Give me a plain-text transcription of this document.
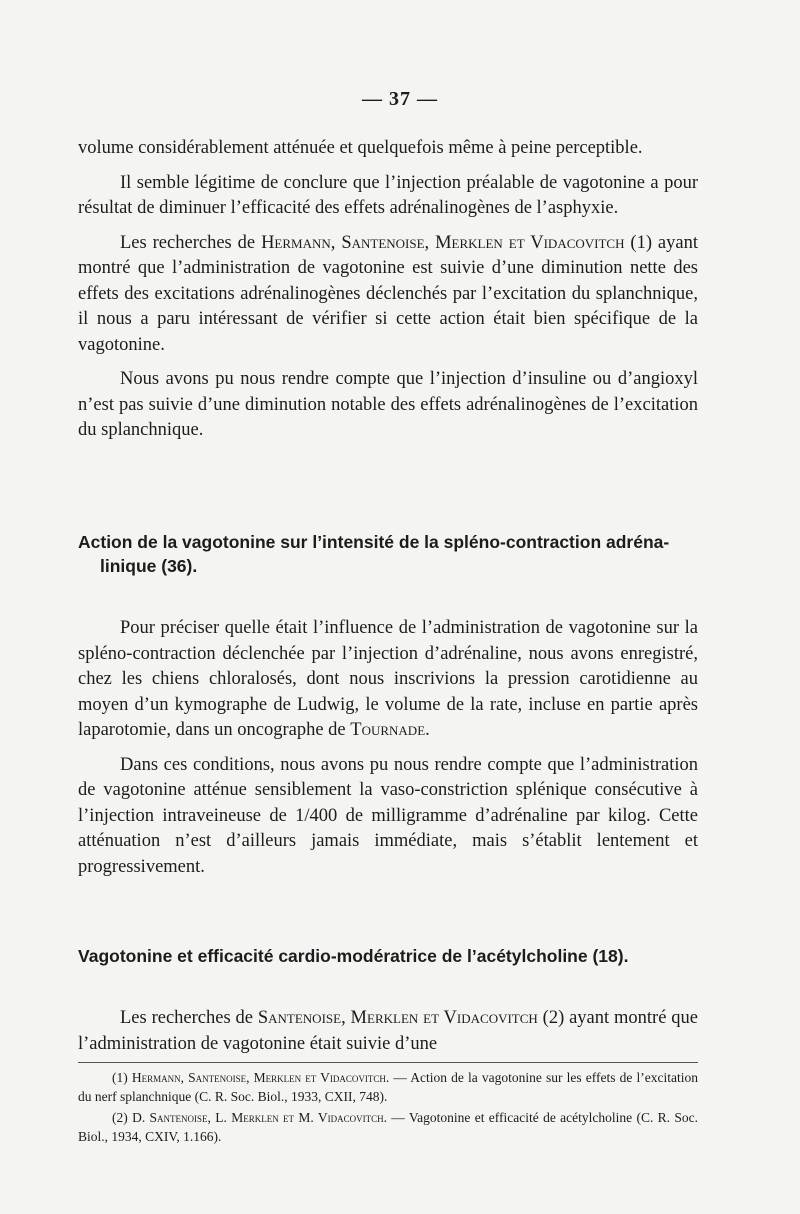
— 37 —

volume considérablement atténuée et quelquefois même à peine perceptible.

Il semble légitime de conclure que l’injection préalable de vagotonine a pour résultat de diminuer l’efficacité des effets adrénalinogènes de l’asphyxie.

Les recherches de Hermann, Santenoise, Merklen et Vidacovitch (1) ayant montré que l’administration de vagotonine est suivie d’une diminution nette des effets des excitations adrénalinogènes déclenchés par l’excitation du splanchnique, il nous a paru intéressant de vérifier si cette action était bien spécifique de la vagotonine.

Nous avons pu nous rendre compte que l’injection d’insuline ou d’angioxyl n’est pas suivie d’une diminution notable des effets adrénalinogènes de l’excitation du splanchnique.

Action de la vagotonine sur l’intensité de la spléno-contraction adréna-
linique (36).

Pour préciser quelle était l’influence de l’administration de vagotonine sur la spléno-contraction déclenchée par l’injection d’adrénaline, nous avons enregistré, chez les chiens chloralosés, dont nous inscrivions la pression carotidienne au moyen d’un kymographe de Ludwig, le volume de la rate, incluse en partie après laparotomie, dans un oncographe de Tournade.

Dans ces conditions, nous avons pu nous rendre compte que l’administration de vagotonine atténue sensiblement la vaso-constriction splénique consécutive à l’injection intraveineuse de 1/400 de milligramme d’adrénaline par kilog. Cette atténuation n’est d’ailleurs jamais immédiate, mais s’établit lentement et progressivement.

Vagotonine et efficacité cardio-modératrice de l’acétylcholine (18).

Les recherches de Santenoise, Merklen et Vidacovitch (2) ayant montré que l’administration de vagotonine était suivie d’une

(1) Hermann, Santenoise, Merklen et Vidacovitch. — Action de la vagotonine sur les effets de l’excitation du nerf splanchnique (C. R. Soc. Biol., 1933, CXII, 748).

(2) D. Santenoise, L. Merklen et M. Vidacovitch. — Vagotonine et efficacité de acétylcholine (C. R. Soc. Biol., 1934, CXIV, 1.166).
